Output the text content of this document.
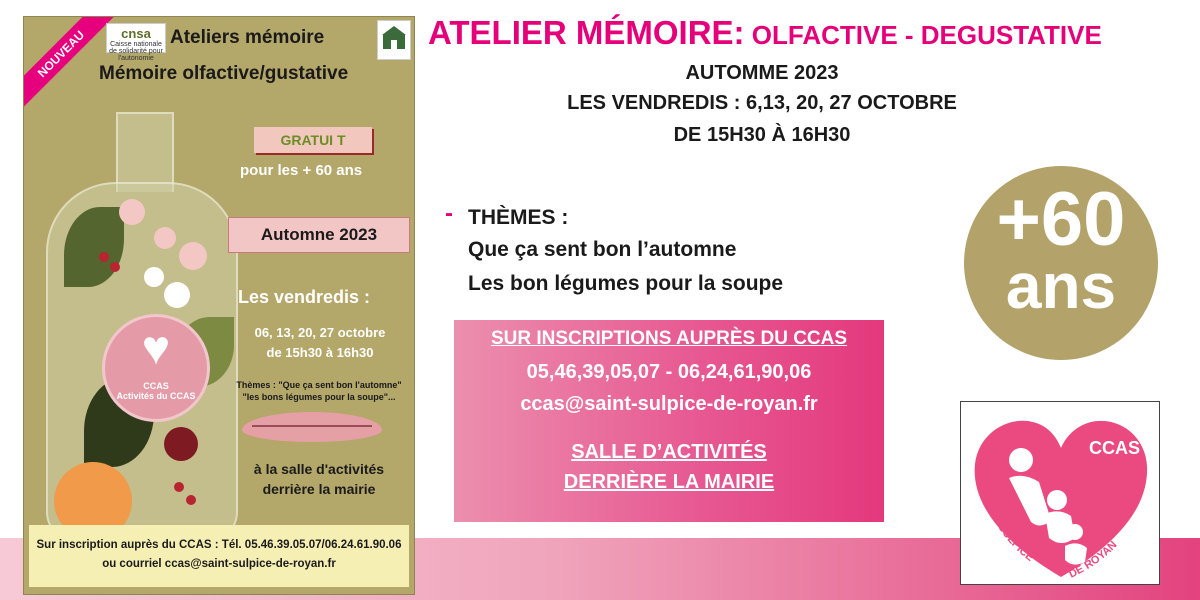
NOUVEAU	cnsa
Caisse nationale de solidarité pour l'autonomie
Ateliers mémoire
Mémoire olfactive/gustative
♥
CCAS
Activités du CCAS
GRATUI T
pour les + 60 ans
Automne 2023
Les vendredis :
06, 13, 20, 27 octobre
de 15h30 à 16h30
Thèmes : "Que ça sent bon l'automne"
"les bons légumes pour la soupe"...
à la salle d'activités
derrière la mairie
Sur inscription auprès du CCAS : Tél. 05.46.39.05.07/06.24.61.90.06
ou courriel ccas@saint-sulpice-de-royan.fr
ATELIER MÉMOIRE: OLFACTIVE - DEGUSTATIVE
AUTOMME 2023
LES VENDREDIS : 6,13, 20, 27 OCTOBRE
DE 15H30 À 16H30
- THÈMES :
Que ça sent bon l’automne
Les bon légumes pour la soupe
+60
ans
SUR INSCRIPTIONS AUPRÈS DU CCAS
05,46,39,05,07 - 06,24,61,90,06
ccas@saint-sulpice-de-royan.fr
SALLE D’ACTIVITÉS
DERRIÈRE LA MAIRIE
CCAS
SAINT SULPICE
DE ROYAN
